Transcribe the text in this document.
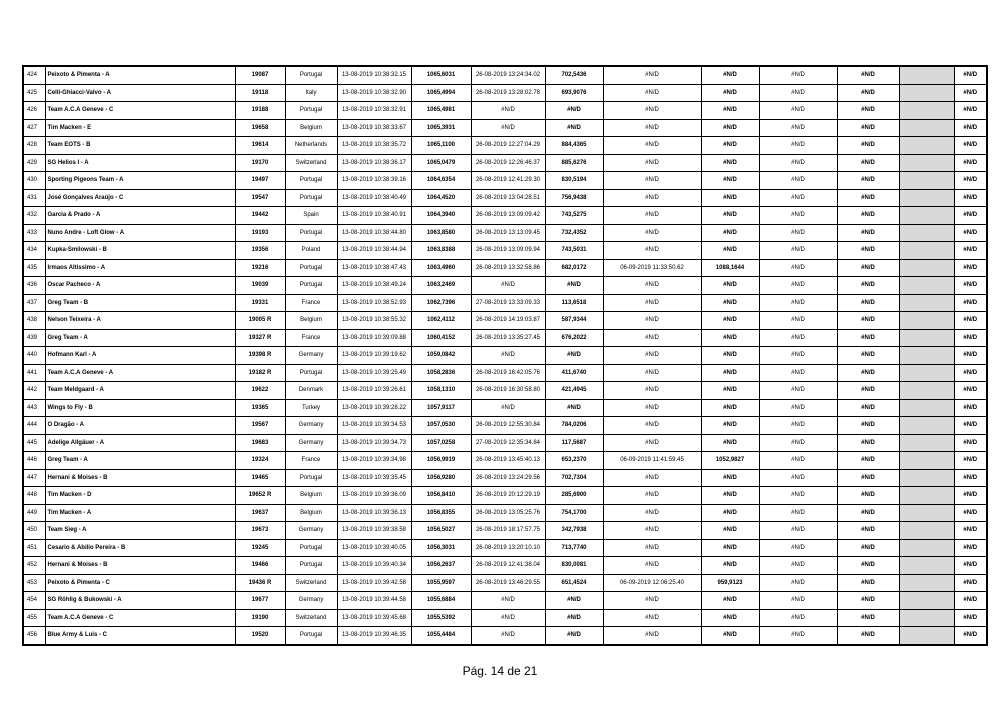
424	Peixoto & Pimenta - A	19087	Portugal	13-08-2019 10:38:32.15	1065,6031	26-08-2019 13:24:34.02	702,5436	#N/D	#N/D	#N/D	#N/D		#N/D
425	Celli-Ghiacci-Valvo - A	19118	Italy	13-08-2019 10:38:32.90	1065,4994	26-08-2019 13:28:02.78	693,9076	#N/D	#N/D	#N/D	#N/D		#N/D
426	Team A.C.A Geneve - C	19188	Portugal	13-08-2019 10:38:32.91	1065,4981	#N/D	#N/D	#N/D	#N/D	#N/D	#N/D		#N/D
427	Tim Macken - E	19658	Belgium	13-08-2019 10:38:33.67	1065,3931	#N/D	#N/D	#N/D	#N/D	#N/D	#N/D		#N/D
428	Team EOTS - B	19614	Netherlands	13-08-2019 10:38:35.72	1065,1100	26-08-2019 12:27:04.29	884,4365	#N/D	#N/D	#N/D	#N/D		#N/D
429	SG Helios I - A	19170	Switzerland	13-08-2019 10:38:36.17	1065,0479	26-08-2019 12:26:46.37	885,6276	#N/D	#N/D	#N/D	#N/D		#N/D
430	Sporting Pigeons Team - A	19497	Portugal	13-08-2019 10:38:39.16	1064,6354	26-08-2019 12:41:29.30	830,5194	#N/D	#N/D	#N/D	#N/D		#N/D
431	José Gonçalves Araújo - C	19547	Portugal	13-08-2019 10:38:40.49	1064,4520	26-08-2019 13:04:28.51	756,9438	#N/D	#N/D	#N/D	#N/D		#N/D
432	Garcia & Prado - A	19442	Spain	13-08-2019 10:38:40.91	1064,3940	26-08-2019 13:09:09.42	743,5275	#N/D	#N/D	#N/D	#N/D		#N/D
433	Nuno Andre - Loft Glow - A	19193	Portugal	13-08-2019 10:38:44.80	1063,8580	26-08-2019 13:13:09.45	732,4352	#N/D	#N/D	#N/D	#N/D		#N/D
434	Kupka-Smilowski - B	19356	Poland	13-08-2019 10:38:44.94	1063,8388	26-08-2019 13:09:09.94	743,5031	#N/D	#N/D	#N/D	#N/D		#N/D
435	Irmaos Altissimo - A	19216	Portugal	13-08-2019 10:38:47.43	1063,4960	26-08-2019 13:32:58.86	682,0172	06-09-2019 11:33:50.62	1088,1644	#N/D	#N/D		#N/D
436	Oscar Pacheco - A	19039	Portugal	13-08-2019 10:38:49.24	1063,2469	#N/D	#N/D	#N/D	#N/D	#N/D	#N/D		#N/D
437	Greg Team - B	19331	France	13-08-2019 10:38:52.93	1062,7396	27-08-2019 13:33:09.33	113,6518	#N/D	#N/D	#N/D	#N/D		#N/D
438	Nelson Teixeira - A	19005 R	Belgium	13-08-2019 10:38:55.32	1062,4112	26-08-2019 14:19:03.87	587,9344	#N/D	#N/D	#N/D	#N/D		#N/D
439	Greg Team - A	19327 R	France	13-08-2019 10:39:09.88	1060,4152	26-08-2019 13:35:27.45	676,2022	#N/D	#N/D	#N/D	#N/D		#N/D
440	Hofmann Karl - A	19398 R	Germany	13-08-2019 10:39:19.62	1059,0842	#N/D	#N/D	#N/D	#N/D	#N/D	#N/D		#N/D
441	Team A.C.A Geneve - A	19182 R	Portugal	13-08-2019 10:39:25.49	1058,2836	26-08-2019 16:42:05.76	411,6740	#N/D	#N/D	#N/D	#N/D		#N/D
442	Team Meldgaard - A	19622	Denmark	13-08-2019 10:39:26.61	1058,1310	26-08-2019 16:30:58.80	421,4945	#N/D	#N/D	#N/D	#N/D		#N/D
443	Wings to Fly - B	19365	Turkey	13-08-2019 10:39:28.22	1057,9117	#N/D	#N/D	#N/D	#N/D	#N/D	#N/D		#N/D
444	O Dragão - A	19567	Germany	13-08-2019 10:39:34.53	1057,0530	26-08-2019 12:55:30.84	784,0206	#N/D	#N/D	#N/D	#N/D		#N/D
445	Adelige Allgäuer - A	19683	Germany	13-08-2019 10:39:34.73	1057,0258	27-08-2019 12:35:34.84	117,5687	#N/D	#N/D	#N/D	#N/D		#N/D
446	Greg Team - A	19324	France	13-08-2019 10:39:34.98	1056,9919	26-08-2019 13:45:40.13	653,2370	06-09-2019 11:41:59.45	1052,9827	#N/D	#N/D		#N/D
447	Hernani & Moises - B	19465	Portugal	13-08-2019 10:39:35.45	1056,9280	26-08-2019 13:24:29.56	702,7304	#N/D	#N/D	#N/D	#N/D		#N/D
448	Tim Macken - D	19652 R	Belgium	13-08-2019 10:39:36.09	1056,8410	26-08-2019 20:12:29.19	285,6900	#N/D	#N/D	#N/D	#N/D		#N/D
449	Tim Macken - A	19637	Belgium	13-08-2019 10:39:36.13	1056,8355	26-08-2019 13:05:25.76	754,1700	#N/D	#N/D	#N/D	#N/D		#N/D
450	Team Sieg - A	19673	Germany	13-08-2019 10:39:38.58	1056,5027	26-08-2019 18:17:57.75	342,7938	#N/D	#N/D	#N/D	#N/D		#N/D
451	Cesario & Abilio Pereira - B	19245	Portugal	13-08-2019 10:39:40.05	1056,3031	26-08-2019 13:20:10.10	713,7740	#N/D	#N/D	#N/D	#N/D		#N/D
452	Hernani & Moises - B	19466	Portugal	13-08-2019 10:39:40.34	1056,2637	26-08-2019 12:41:38.04	830,0081	#N/D	#N/D	#N/D	#N/D		#N/D
453	Peixoto & Pimenta - C	19436 R	Switzerland	13-08-2019 10:39:42.58	1055,9597	26-08-2019 13:46:29.55	651,4524	06-09-2019 12:06:25.40	959,9123	#N/D	#N/D		#N/D
454	SG Röhlig & Bukowski - A	19677	Germany	13-08-2019 10:39:44.58	1055,6884	#N/D	#N/D	#N/D	#N/D	#N/D	#N/D		#N/D
455	Team A.C.A Geneve - C	19190	Switzerland	13-08-2019 10:39:45.68	1055,5392	#N/D	#N/D	#N/D	#N/D	#N/D	#N/D		#N/D
456	Blue Army & Luis - C	19520	Portugal	13-08-2019 10:39:46.35	1055,4484	#N/D	#N/D	#N/D	#N/D	#N/D	#N/D		#N/D
Pág. 14 de 21
